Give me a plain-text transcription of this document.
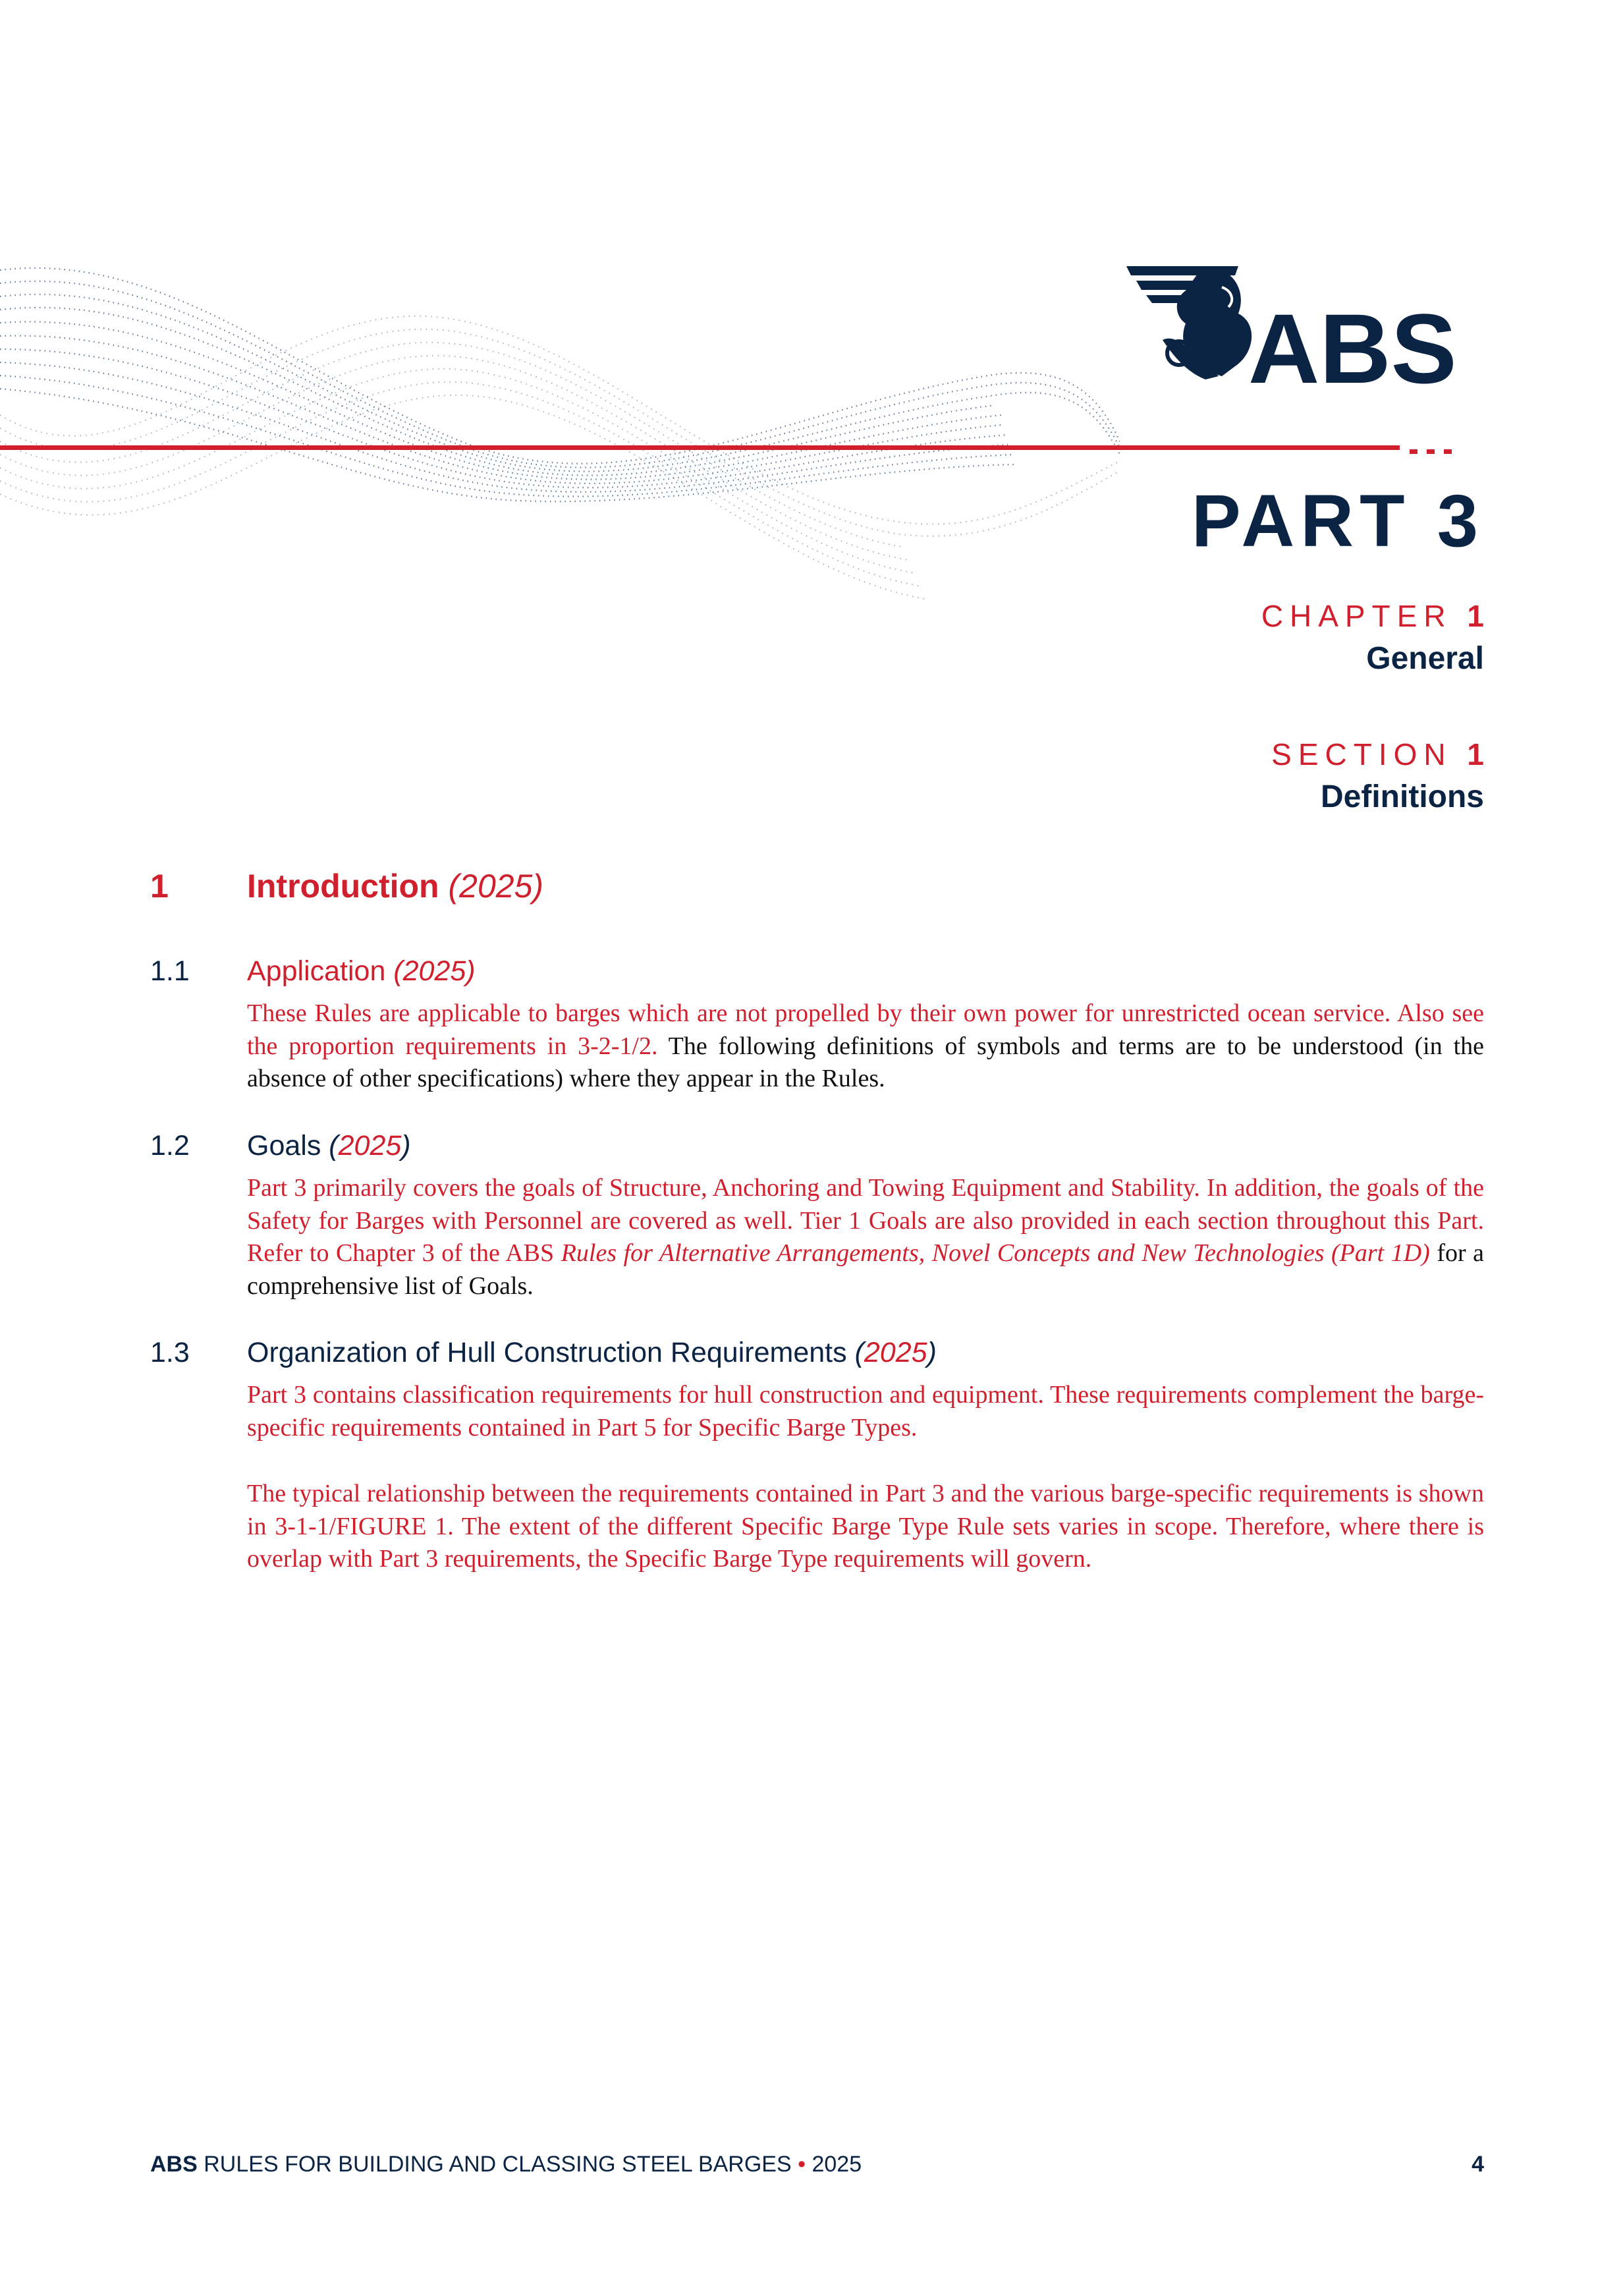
ABS
PART 3
CHAPTER 1
General
SECTION 1
Definitions
1 Introduction (2025)
1.1 Application (2025)

These Rules are applicable to barges which are not propelled by their own power for unrestricted ocean service. Also see the proportion requirements in 3-2-1/2. The following definitions of symbols and terms are to be understood (in the absence of other specifications) where they appear in the Rules.

1.2 Goals (2025)

Part 3 primarily covers the goals of Structure, Anchoring and Towing Equipment and Stability. In addition, the goals of the Safety for Barges with Personnel are covered as well. Tier 1 Goals are also provided in each section throughout this Part. Refer to Chapter 3 of the ABS Rules for Alternative Arrangements, Novel Concepts and New Technologies (Part 1D) for a comprehensive list of Goals.

1.3 Organization of Hull Construction Requirements (2025)

Part 3 contains classification requirements for hull construction and equipment. These requirements complement the barge-specific requirements contained in Part 5 for Specific Barge Types.

The typical relationship between the requirements contained in Part 3 and the various barge-specific requirements is shown in 3-1-1/FIGURE 1. The extent of the different Specific Barge Type Rule sets varies in scope. Therefore, where there is overlap with Part 3 requirements, the Specific Barge Type requirements will govern.

ABS RULES FOR BUILDING AND CLASSING STEEL BARGES • 2025	4
